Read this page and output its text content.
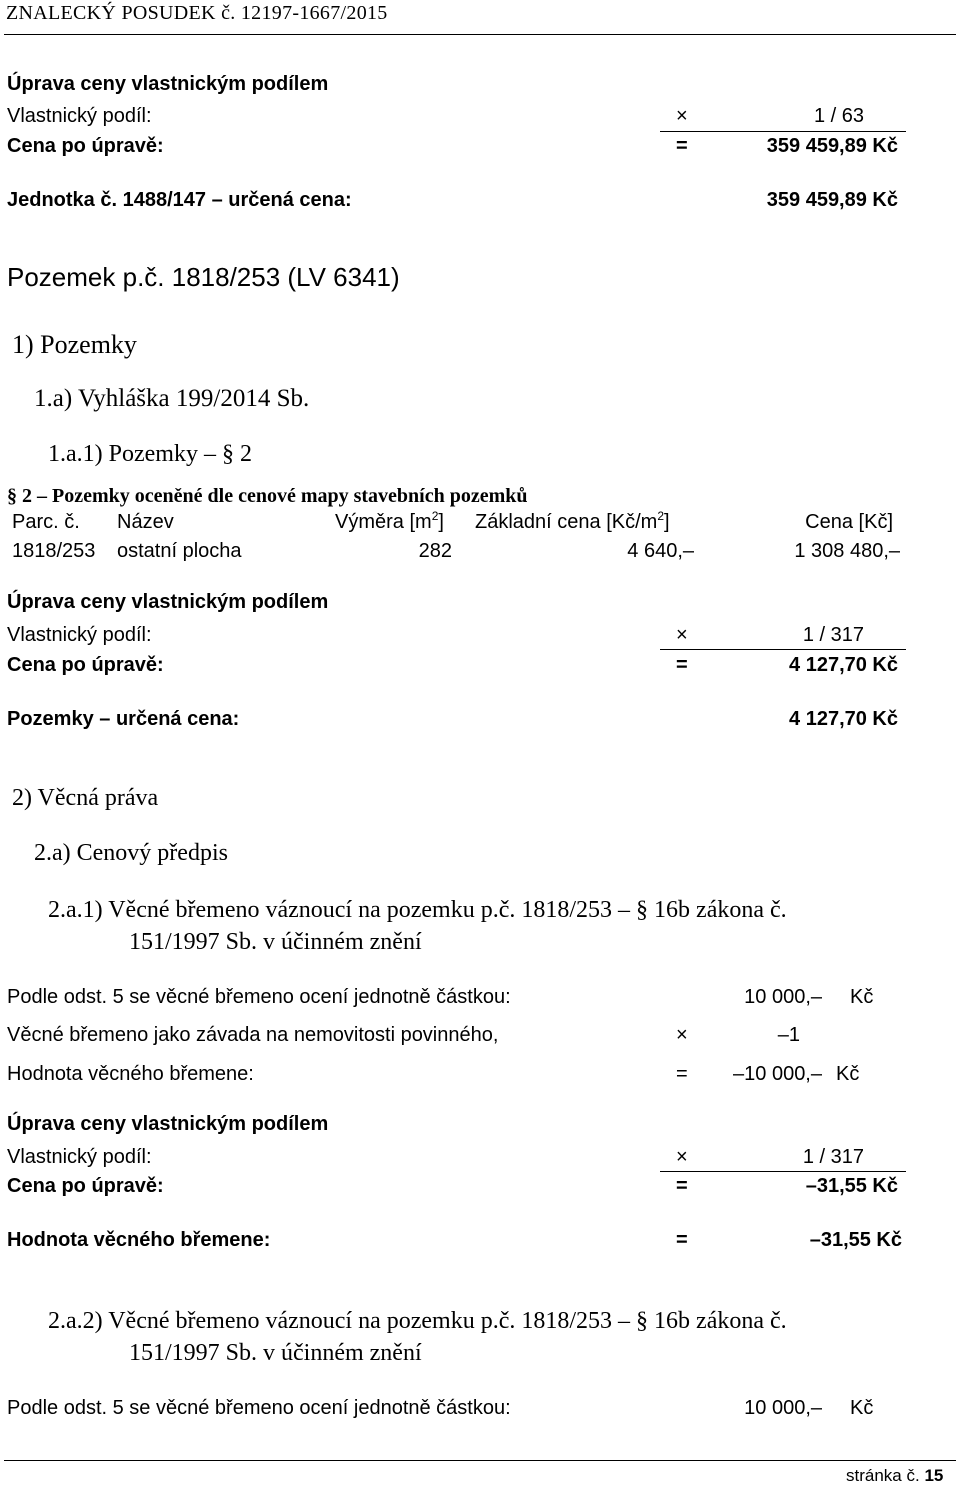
ZNALECKÝ POSUDEK č. 12197-1667/2015
Úprava ceny vlastnickým podílem
Vlastnický podíl:	×	1 / 63
Cena po úpravě:	=	359 459,89 Kč
Jednotka č. 1488/147 – určená cena:	359 459,89 Kč
Pozemek p.č. 1818/253 (LV 6341)
1) Pozemky
1.a) Vyhláška 199/2014 Sb.
1.a.1) Pozemky – § 2
§ 2 – Pozemky oceněné dle cenové mapy stavebních pozemků
Parc. č. Název	Výměra $[m^2]$ Základní cena $[Kč/m^2]$	Cena [Kč]
1818/253 ostatní plocha	282	4 640,–	1 308 480,–
Úprava ceny vlastnickým podílem
Vlastnický podíl:	×	1 / 317
Cena po úpravě:	=	4 127,70 Kč
Pozemky – určená cena:	4 127,70 Kč
2) Věcná práva
2.a) Cenový předpis
2.a.1) Věcné břemeno váznoucí na pozemku p.č. 1818/253 – § 16b zákona č.
151/1997 Sb. v účinném znění
Podle odst. 5 se věcné břemeno ocení jednotně částkou:	10 000,– Kč
Věcné břemeno jako závada na nemovitosti povinného,	×	–1
Hodnota věcného břemene:	=	–10 000,– Kč
Úprava ceny vlastnickým podílem
Vlastnický podíl:	×	1 / 317
Cena po úpravě:	=	–31,55 Kč
Hodnota věcného břemene:	=	–31,55 Kč
2.a.2) Věcné břemeno váznoucí na pozemku p.č. 1818/253 – § 16b zákona č.
151/1997 Sb. v účinném znění
Podle odst. 5 se věcné břemeno ocení jednotně částkou:	10 000,– Kč
stránka č. 15
